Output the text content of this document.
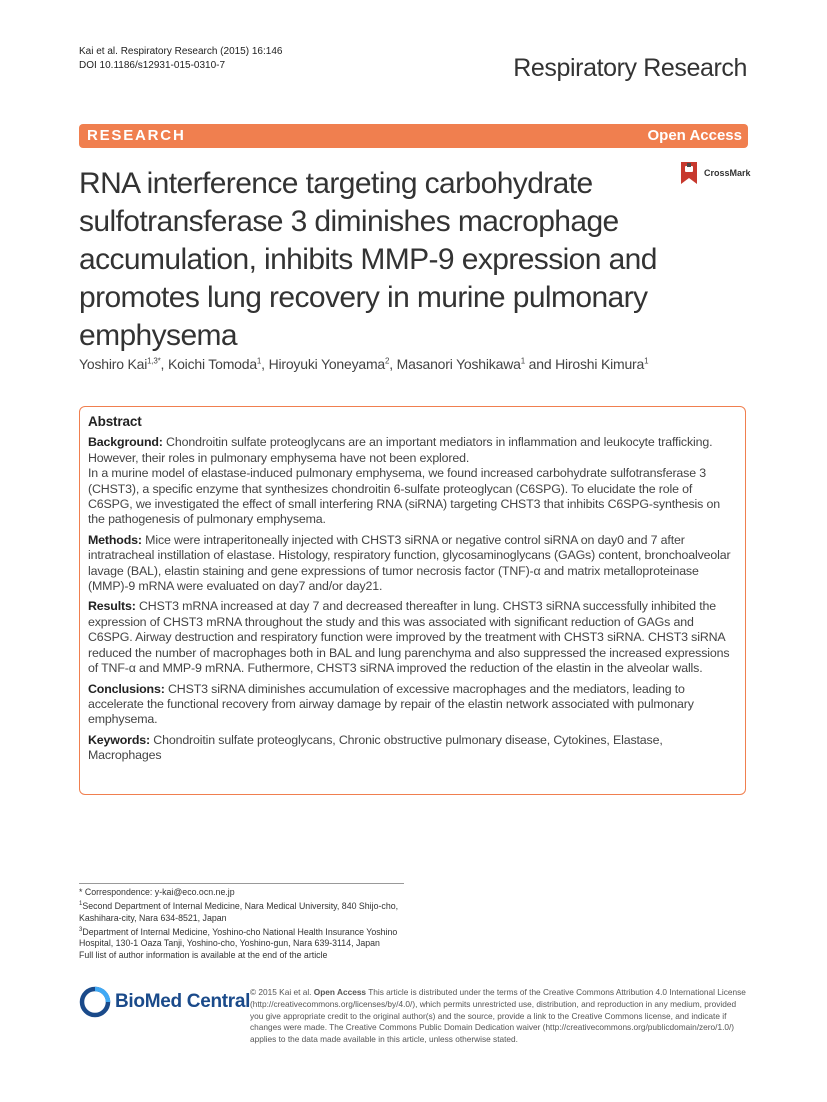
Kai et al. Respiratory Research (2015) 16:146
DOI 10.1186/s12931-015-0310-7	Respiratory Research
RESEARCH	Open Access
CrossMark
RNA interference targeting carbohydrate sulfotransferase 3 diminishes macrophage accumulation, inhibits MMP-9 expression and promotes lung recovery in murine pulmonary emphysema
Yoshiro Kai$^{1,3*}$, Koichi Tomoda$^1$, Hiroyuki Yoneyama$^2$, Masanori Yoshikawa$^1$ and Hiroshi Kimura$^1$
Abstract

Background: Chondroitin sulfate proteoglycans are an important mediators in inflammation and leukocyte trafficking. However, their roles in pulmonary emphysema have not been explored.
In a murine model of elastase-induced pulmonary emphysema, we found increased carbohydrate sulfotransferase 3 (CHST3), a specific enzyme that synthesizes chondroitin 6-sulfate proteoglycan (C6SPG). To elucidate the role of C6SPG, we investigated the effect of small interfering RNA (siRNA) targeting CHST3 that inhibits C6SPG-synthesis on the pathogenesis of pulmonary emphysema.

Methods: Mice were intraperitoneally injected with CHST3 siRNA or negative control siRNA on day0 and 7 after intratracheal instillation of elastase. Histology, respiratory function, glycosaminoglycans (GAGs) content, bronchoalveolar lavage (BAL), elastin staining and gene expressions of tumor necrosis factor (TNF)-α and matrix metalloproteinase (MMP)-9 mRNA were evaluated on day7 and/or day21.

Results: CHST3 mRNA increased at day 7 and decreased thereafter in lung. CHST3 siRNA successfully inhibited the expression of CHST3 mRNA throughout the study and this was associated with significant reduction of GAGs and C6SPG. Airway destruction and respiratory function were improved by the treatment with CHST3 siRNA. CHST3 siRNA reduced the number of macrophages both in BAL and lung parenchyma and also suppressed the increased expressions of TNF-α and MMP-9 mRNA. Futhermore, CHST3 siRNA improved the reduction of the elastin in the alveolar walls.

Conclusions: CHST3 siRNA diminishes accumulation of excessive macrophages and the mediators, leading to accelerate the functional recovery from airway damage by repair of the elastin network associated with pulmonary emphysema.

Keywords: Chondroitin sulfate proteoglycans, Chronic obstructive pulmonary disease, Cytokines, Elastase, Macrophages

* Correspondence: y-kai@eco.ocn.ne.jp

$^1$Second Department of Internal Medicine, Nara Medical University, 840 Shijo-cho, Kashihara-city, Nara 634-8521, Japan

$^3$Department of Internal Medicine, Yoshino-cho National Health Insurance Yoshino Hospital, 130-1 Oaza Tanji, Yoshino-cho, Yoshino-gun, Nara 639-3114, Japan

Full list of author information is available at the end of the article

BioMed Central © 2015 Kai et al. Open Access This article is distributed under the terms of the Creative Commons Attribution 4.0 International License (http://creativecommons.org/licenses/by/4.0/), which permits unrestricted use, distribution, and reproduction in any medium, provided you give appropriate credit to the original author(s) and the source, provide a link to the Creative Commons license, and indicate if changes were made. The Creative Commons Public Domain Dedication waiver (http://creativecommons.org/publicdomain/zero/1.0/) applies to the data made available in this article, unless otherwise stated.
